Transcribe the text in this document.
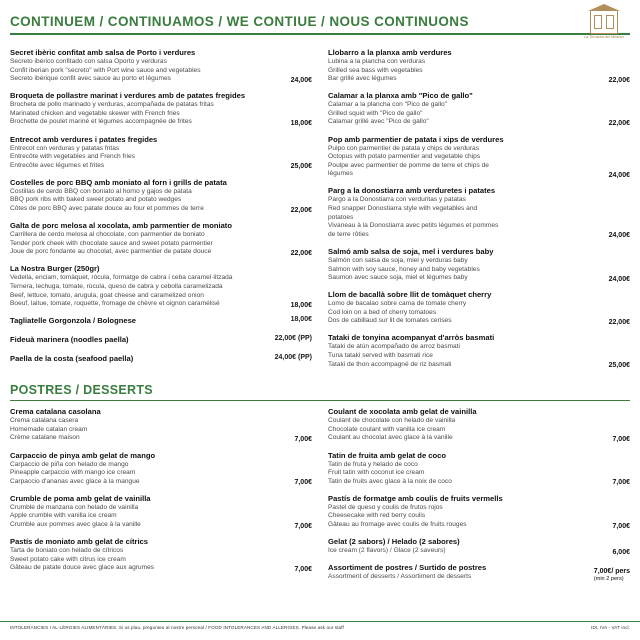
CONTINUEM / CONTINUAMOS / WE CONTIUE / NOUS CONTINUONS
La Terrassa del Mirador
Secret ibèric confitat amb salsa de Porto i verdures
Secreto ibérico confitado con salsa Oporto y verduras
Confit iberian pork "secreto" with Port wine sauce and vegetables
Secreto ibérique confit avec sauce au porto et légumes	24,00€
Broqueta de pollastre marinat i verdures amb de patates fregides
Brocheta de pollo marinado y verduras, acompañada de patatas fritas
Marinated chicken and vegetable skewer with French fries
Brochette de poulet mariné et légumes accompagnée de frites	18,00€
Entrecot amb verdures i patates fregides
Entrecot con verduras y patatas fritas
Entrecôte with vegetables and French fries
Entrecôte avec légumes et frites	25,00€
Costelles de porc BBQ amb moniato al forn i grills de patata
Costillas de cerdo BBQ con boniato al horno y gajos de patata
BBQ pork ribs with baked sweet potato and potato wedges
Côtes de porc BBQ avec patate douce au four et pommes de terre	22,00€
Galta de porc melosa al xocolata, amb parmentier de moniato
Carrillera de cerdo melosa al chocolate, con parmentier de boniato
Tender pork cheek with chocolate sauce and sweet potato parmentier
Joue de porc fondante au chocolat, avec parmentier de patate douce	22,00€
La Nostra Burger (250gr)
Vedella, enciam, tomàquet, ròcula, formatge de cabra i ceba caramel·litzada
Ternera, lechuga, tomate, rúcula, queso de cabra y cebolla caramelizada
Beef, lettuce, tomato, arugula, goat cheese and caramelized onion
Boeuf, laitue, tomate, roquette, fromage de chèvre et oignon caramélisé	18,00€
Tagliatelle Gorgonzola / Bolognese	18,00€
Fideuà marinera (noodles paella)	22,00€ (PP)
Paella de la costa (seafood paella)	24,00€ (PP)
Llobarro a la planxa amb verdures
Lubina a la plancha con verduras
Grilled sea bass with vegetables
Bar grillé avec légumes	22,00€
Calamar a la planxa amb "Pico de gallo"
Calamar a la plancha con "Pico de gallo"
Grilled squid with "Pico de gallo"
Calamar grillé avec "Pico de gallo"	22,00€
Pop amb parmentier de patata i xips de verdures
Pulpo con parmentier de patata y chips de verduras
Octopus with potato parmentier and vegetable chips
Poulpe avec parmentier de pomme de terre et chips de
légumes	24,00€
Parg a la donostiarra amb verduretes i patates
Pargo a la Donostiarra con verduritas y patatas
Red snapper Donostiarra style with vegetables and
potatoes
Vivaneau à la Donostiarra avec petits légumes et pommes
de terre rôties	24,00€
Salmó amb salsa de soja, mel i verdures baby
Salmón con salsa de soja, miel y verduras baby
Salmon with soy sauce, honey and baby vegetables
Saumon avec sauce soja, miel et légumes baby	24,00€
Llom de bacallà sobre llit de tomàquet cherry
Lomo de bacalao sobre cama de tomate cherry
Cod loin on a bed of cherry tomatoes
Dos de cabillaud sur lit de tomates cerises	22,00€
Tataki de tonyina acompanyat d'arròs basmati
Tataki de atún acompañado de arroz basmati
Tuna tataki served with basmati rice
Tataki de thon accompagné de riz basmati	25,00€
POSTRES / DESSERTS
Crema catalana casolana
Crema catalana casera
Homemade catalan cream
Crème catalane maison	7,00€
Carpaccio de pinya amb gelat de mango
Carpaccio de piña con helado de mango
Pineapple carpaccio with mango ice cream
Carpaccio d'ananas avec glace à la mangue	7,00€
Crumble de poma amb gelat de vainilla
Crumble de manzana con helado de vainilla
Apple crumble with vanilla ice cream
Crumble aux pommes avec glace à la vanille	7,00€
Pastís de moniato amb gelat de cítrics
Tarta de boniato con helado de cítricos
Sweet potato cake with citrus ice cream
Gâteau de patate douce avec glace aux agrumes	7,00€
Coulant de xocolata amb gelat de vainilla
Coulant de chocolate con helado de vainilla
Chocolate coulant with vanilla ice cream
Coulant au chocolat avec glace à la vanille	7,00€
Tatin de fruita amb gelat de coco
Tatin de fruta y helado de coco
Fruit tatin with coconut ice cream
Tatin de fruits avec glace à la noix de coco	7,00€
Pastís de formatge amb coulis de fruits vermells
Pastel de queso y coulis de frutos rojos
Cheesecake with red berry coulis
Gâteau au fromage avec coulis de fruits rouges	7,00€
Gelat (2 sabors) / Helado (2 sabores)
Ice cream (2 flavors) / Glace (2 saveurs)	6,00€
Assortiment de postres / Surtido de postres
Assortment of desserts / Assortiment de desserts
7,00€/ pers
(min 2 pers)
INTOLERÀNCIES I AL·LÈRGIES ALIMENTÀRIES. Si us plau, pregunteu al nostre personal / FOOD INTOLERANCES AND ALLERGIES. Please ask our staff	IDI, IVA - VAT incl.
